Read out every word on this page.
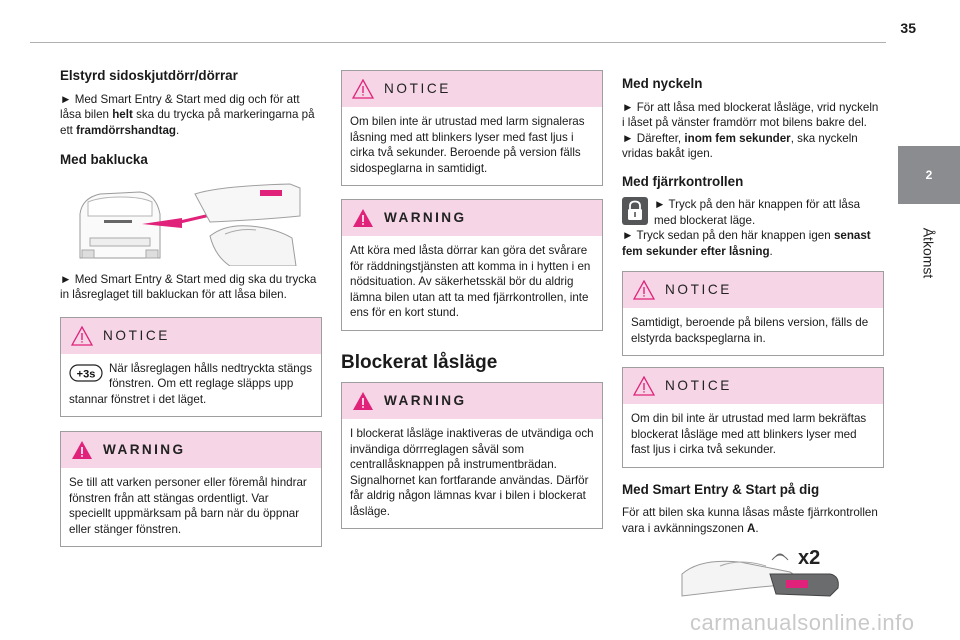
35
2
Åtkomst
Elstyrd sidoskjutdörr/dörrar

► Med Smart Entry & Start med dig och för att låsa bilen helt ska du trycka på markeringarna på ett framdörrshandtag.

Med baklucka

► Med Smart Entry & Start med dig ska du trycka in låsreglaget till bakluckan för att låsa bilen.

NOTICE
+3s När låsreglagen hålls nedtryckta stängs fönstren. Om ett reglage släpps upp stannar fönstret i det läget.
WARNING
Se till att varken personer eller föremål hindrar fönstren från att stängas ordentligt. Var speciellt uppmärksam på barn när du öppnar eller stänger fönstren.
NOTICE
Om bilen inte är utrustad med larm signaleras låsning med att blinkers lyser med fast ljus i cirka två sekunder. Beroende på version fälls sidospeglarna in samtidigt.
WARNING
Att köra med låsta dörrar kan göra det svårare för räddningstjänsten att komma in i hytten i en nödsituation. Av säkerhetsskäl bör du aldrig lämna bilen utan att ta med fjärrkontrollen, inte ens för en kort stund.
Blockerat låsläge
WARNING
I blockerat låsläge inaktiveras de utvändiga och invändiga dörrreglagen såväl som centrallåsknappen på instrumentbrädan. Signalhornet kan fortfarande användas. Därför får aldrig någon lämnas kvar i bilen i blockerat låsläge.
Med nyckeln

► För att låsa med blockerat låsläge, vrid nyckeln i låset på vänster framdörr mot bilens bakre del.

► Därefter, inom fem sekunder, ska nyckeln vridas bakåt igen.

Med fjärrkontrollen

► Tryck på den här knappen för att låsa med blockerat läge.

► Tryck sedan på den här knappen igen senast fem sekunder efter låsning.

NOTICE
Samtidigt, beroende på bilens version, fälls de elstyrda backspeglarna in.
NOTICE
Om din bil inte är utrustad med larm bekräftas blockerat låsläge med att blinkers lyser med fast ljus i cirka två sekunder.
Med Smart Entry & Start på dig

För att bilen ska kunna låsas måste fjärrkontrollen vara i avkänningszonen A.

x2
carmanualsonline.info
